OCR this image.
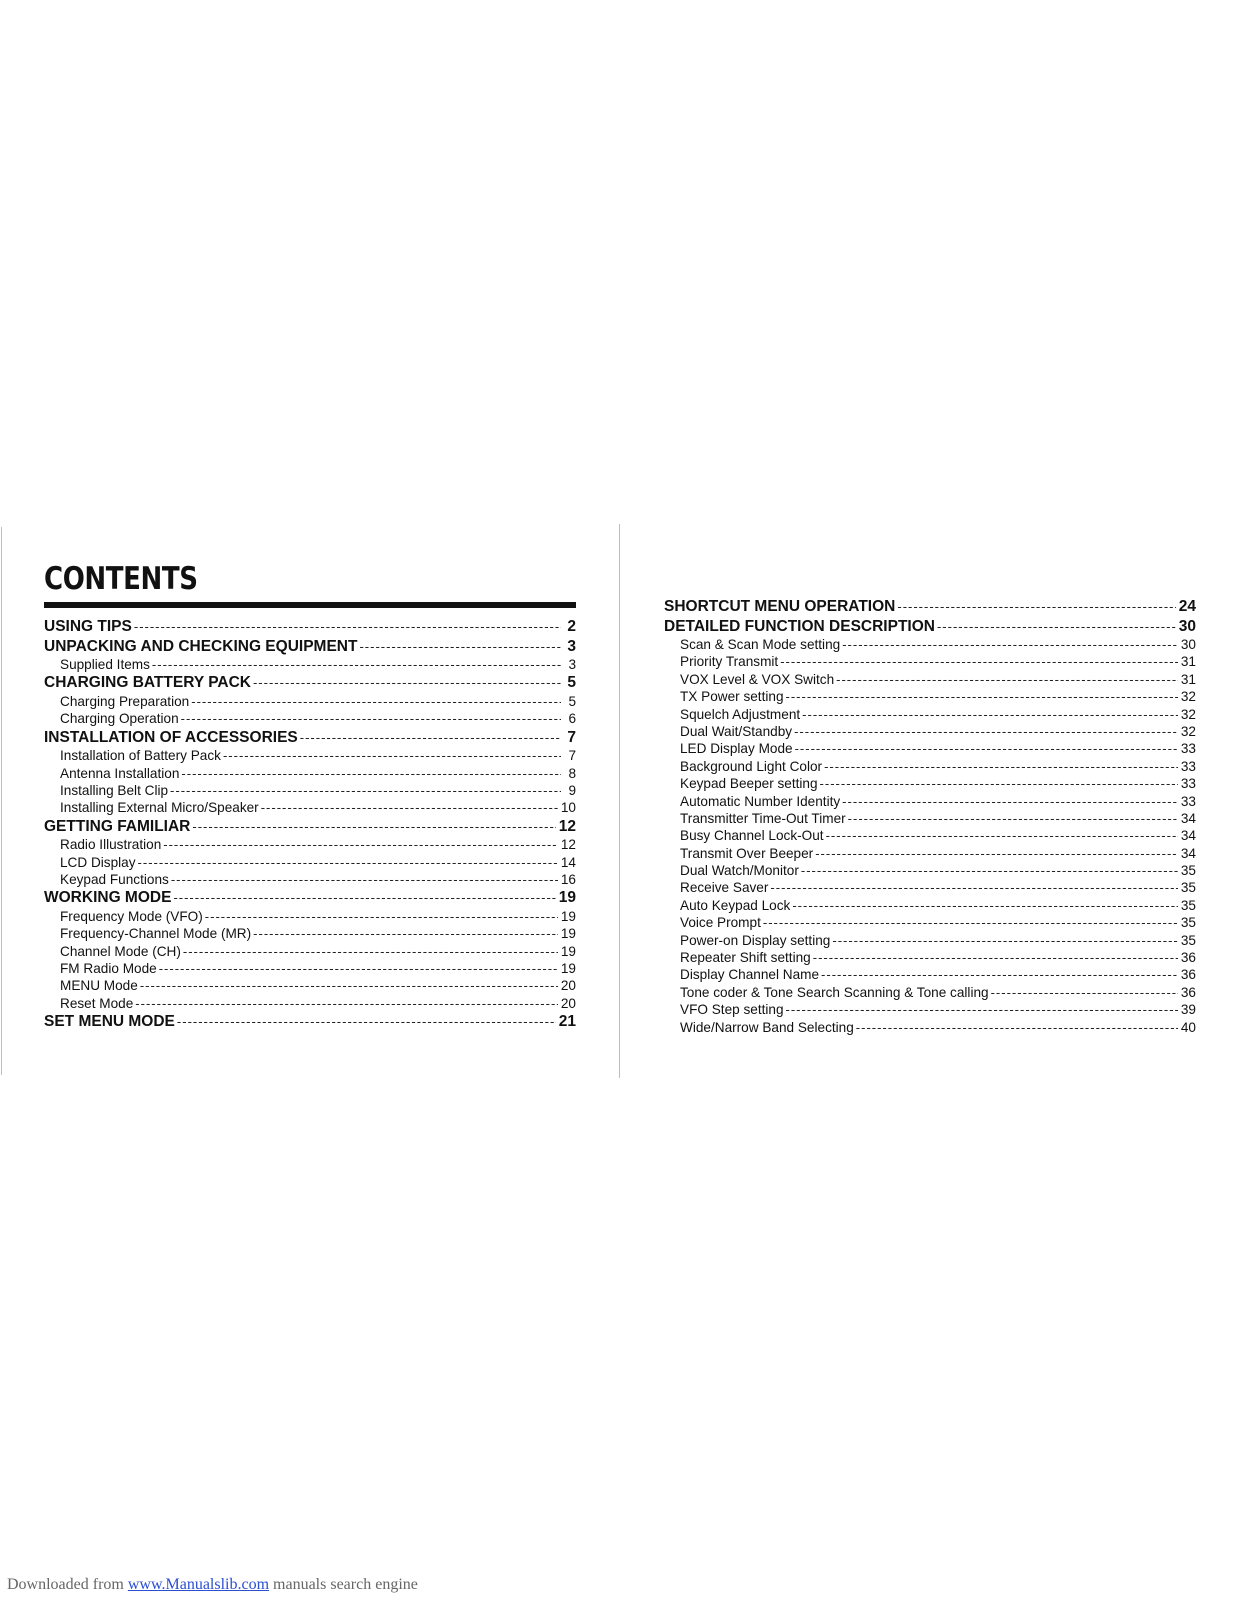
CONTENTS
USING TIPS -----	2
UNPACKING AND CHECKING EQUIPMENT -----	3
Supplied Items -----	3
CHARGING BATTERY PACK -----	5
Charging Preparation -----	5
Charging Operation -----	6
INSTALLATION OF ACCESSORIES -----	7
Installation of Battery Pack -----	7
Antenna Installation -----	8
Installing Belt Clip -----	9
Installing External Micro/Speaker -----	10
GETTING FAMILIAR -----	12
Radio Illustration -----	12
LCD Display -----	14
Keypad Functions -----	16
WORKING MODE -----	19
Frequency Mode (VFO) -----	19
Frequency-Channel Mode (MR) -----	19
Channel Mode (CH) -----	19
FM Radio Mode -----	19
MENU Mode -----	20
Reset Mode -----	20
SET MENU MODE -----	21
SHORTCUT MENU OPERATION -----	24
DETAILED FUNCTION DESCRIPTION -----	30
Scan & Scan Mode setting -----	30
Priority Transmit -----	31
VOX Level & VOX Switch -----	31
TX Power setting -----	32
Squelch Adjustment -----	32
Dual Wait/Standby -----	32
LED Display Mode -----	33
Background Light Color -----	33
Keypad Beeper setting -----	33
Automatic Number Identity -----	33
Transmitter Time-Out Timer -----	34
Busy Channel Lock-Out -----	34
Transmit Over Beeper -----	34
Dual Watch/Monitor -----	35
Receive Saver -----	35
Auto Keypad Lock -----	35
Voice Prompt -----	35
Power-on Display setting -----	35
Repeater Shift setting -----	36
Display Channel Name -----	36
Tone coder & Tone Search Scanning & Tone calling -----	36
VFO Step setting -----	39
Wide/Narrow Band Selecting -----	40
Downloaded from www.Manualslib.com manuals search engine
